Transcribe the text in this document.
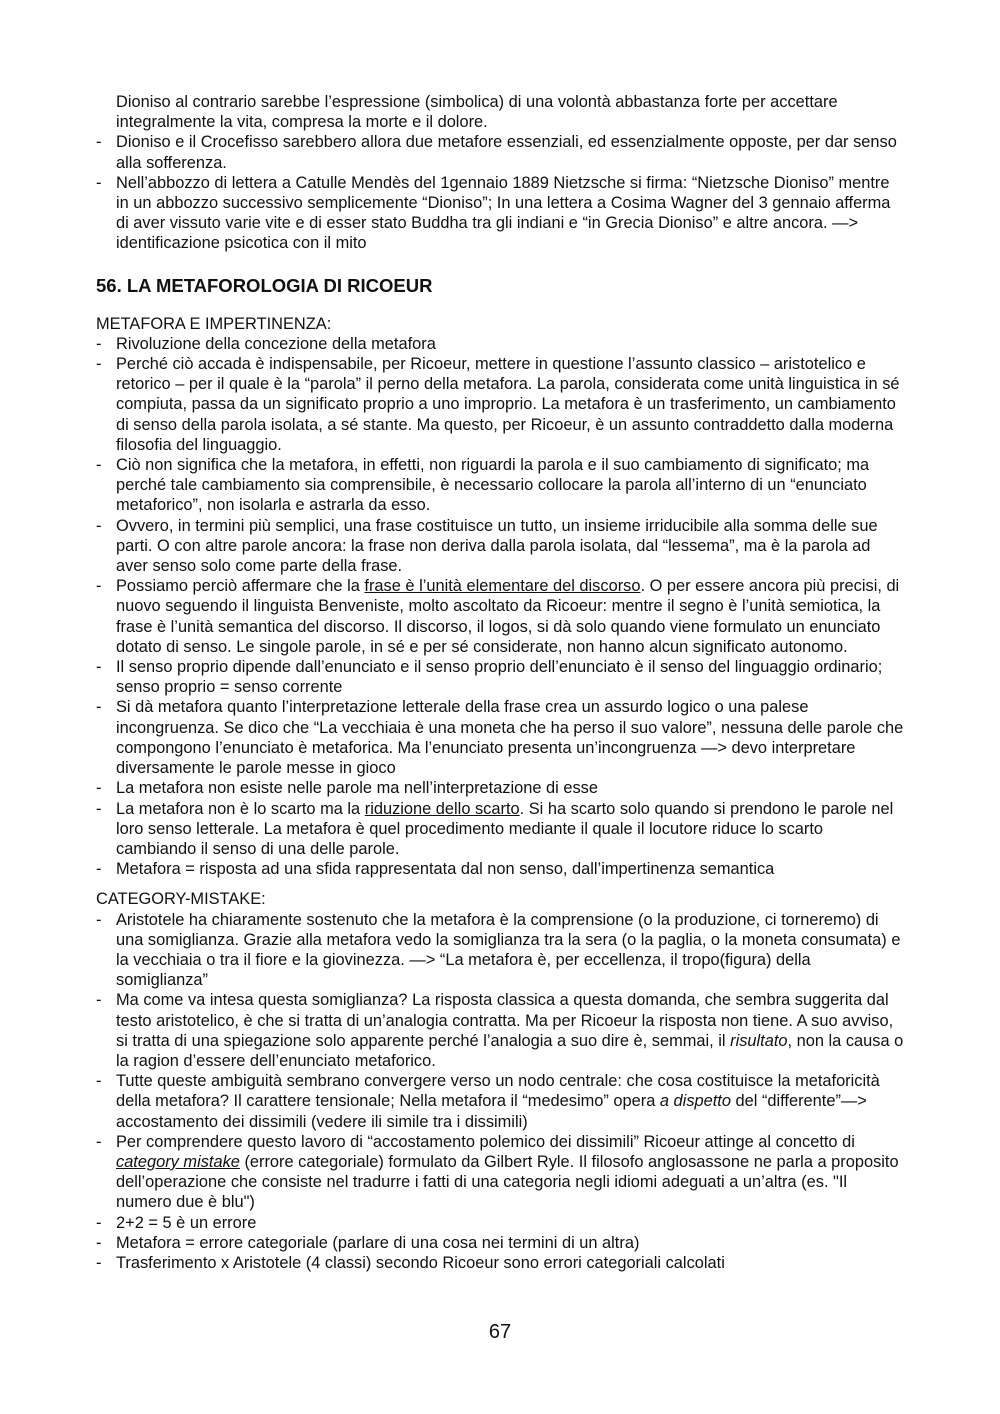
Dioniso al contrario sarebbe l’espressione (simbolica) di una volontà abbastanza forte per accettare integralmente la vita, compresa la morte e il dolore.

- Dioniso e il Crocefisso sarebbero allora due metafore essenziali, ed essenzialmente opposte, per dar senso alla sofferenza.
- Nell’abbozzo di lettera a Catulle Mendès del 1gennaio 1889 Nietzsche si firma: “Nietzsche Dioniso” mentre in un abbozzo successivo semplicemente “Dioniso”; In una lettera a Cosima Wagner del 3 gennaio afferma di aver vissuto varie vite e di esser stato Buddha tra gli indiani e “in Grecia Dioniso” e altre ancora. —> identificazione psicotica con il mito
56. LA METAFOROLOGIA DI RICOEUR
METAFORA E IMPERTINENZA:
- Rivoluzione della concezione della metafora
- Perché ciò accada è indispensabile, per Ricoeur, mettere in questione l’assunto classico – aristotelico e retorico – per il quale è la “parola” il perno della metafora. La parola, considerata come unità linguistica in sé compiuta, passa da un significato proprio a uno improprio. La metafora è un trasferimento, un cambiamento di senso della parola isolata, a sé stante. Ma questo, per Ricoeur, è un assunto contraddetto dalla moderna filosofia del linguaggio.
- Ciò non significa che la metafora, in effetti, non riguardi la parola e il suo cambiamento di significato; ma perché tale cambiamento sia comprensibile, è necessario collocare la parola all’interno di un “enunciato metaforico”, non isolarla e astrarla da esso.
- Ovvero, in termini più semplici, una frase costituisce un tutto, un insieme irriducibile alla somma delle sue parti. O con altre parole ancora: la frase non deriva dalla parola isolata, dal “lessema”, ma è la parola ad aver senso solo come parte della frase.
- Possiamo perciò affermare che la frase è l’unità elementare del discorso. O per essere ancora più precisi, di nuovo seguendo il linguista Benveniste, molto ascoltato da Ricoeur: mentre il segno è l’unità semiotica, la frase è l’unità semantica del discorso. Il discorso, il logos, si dà solo quando viene formulato un enunciato dotato di senso. Le singole parole, in sé e per sé considerate, non hanno alcun significato autonomo.
- Il senso proprio dipende dall’enunciato e il senso proprio dell’enunciato è il senso del linguaggio ordinario; senso proprio = senso corrente
- Si dà metafora quanto l’interpretazione letterale della frase crea un assurdo logico o una palese incongruenza. Se dico che “La vecchiaia è una moneta che ha perso il suo valore”, nessuna delle parole che compongono l’enunciato è metaforica. Ma l’enunciato presenta un’incongruenza —> devo interpretare diversamente le parole messe in gioco
- La metafora non esiste nelle parole ma nell’interpretazione di esse
- La metafora non è lo scarto ma la riduzione dello scarto. Si ha scarto solo quando si prendono le parole nel loro senso letterale. La metafora è quel procedimento mediante il quale il locutore riduce lo scarto cambiando il senso di una delle parole.
- Metafora = risposta ad una sfida rappresentata dal non senso, dall’impertinenza semantica
CATEGORY-MISTAKE:
- Aristotele ha chiaramente sostenuto che la metafora è la comprensione (o la produzione, ci torneremo) di una somiglianza. Grazie alla metafora vedo la somiglianza tra la sera (o la paglia, o la moneta consumata) e la vecchiaia o tra il fiore e la giovinezza. —> “La metafora è, per eccellenza, il tropo(figura) della somiglianza”
- Ma come va intesa questa somiglianza? La risposta classica a questa domanda, che sembra suggerita dal testo aristotelico, è che si tratta di un’analogia contratta. Ma per Ricoeur la risposta non tiene. A suo avviso, si tratta di una spiegazione solo apparente perché l’analogia a suo dire è, semmai, il risultato, non la causa o la ragion d’essere dell’enunciato metaforico.
- Tutte queste ambiguità sembrano convergere verso un nodo centrale: che cosa costituisce la metaforicità della metafora? Il carattere tensionale; Nella metafora il “medesimo” opera a dispetto del “differente”—> accostamento dei dissimili (vedere ili simile tra i dissimili)
- Per comprendere questo lavoro di “accostamento polemico dei dissimili” Ricoeur attinge al concetto di category mistake (errore categoriale) formulato da Gilbert Ryle. Il filosofo anglosassone ne parla a proposito dell’operazione che consiste nel tradurre i fatti di una categoria negli idiomi adeguati a un’altra (es. "Il numero due è blu")
- 2+2 = 5 è un errore
- Metafora = errore categoriale (parlare di una cosa nei termini di un altra)
- Trasferimento x Aristotele (4 classi) secondo Ricoeur sono errori categoriali calcolati
67
